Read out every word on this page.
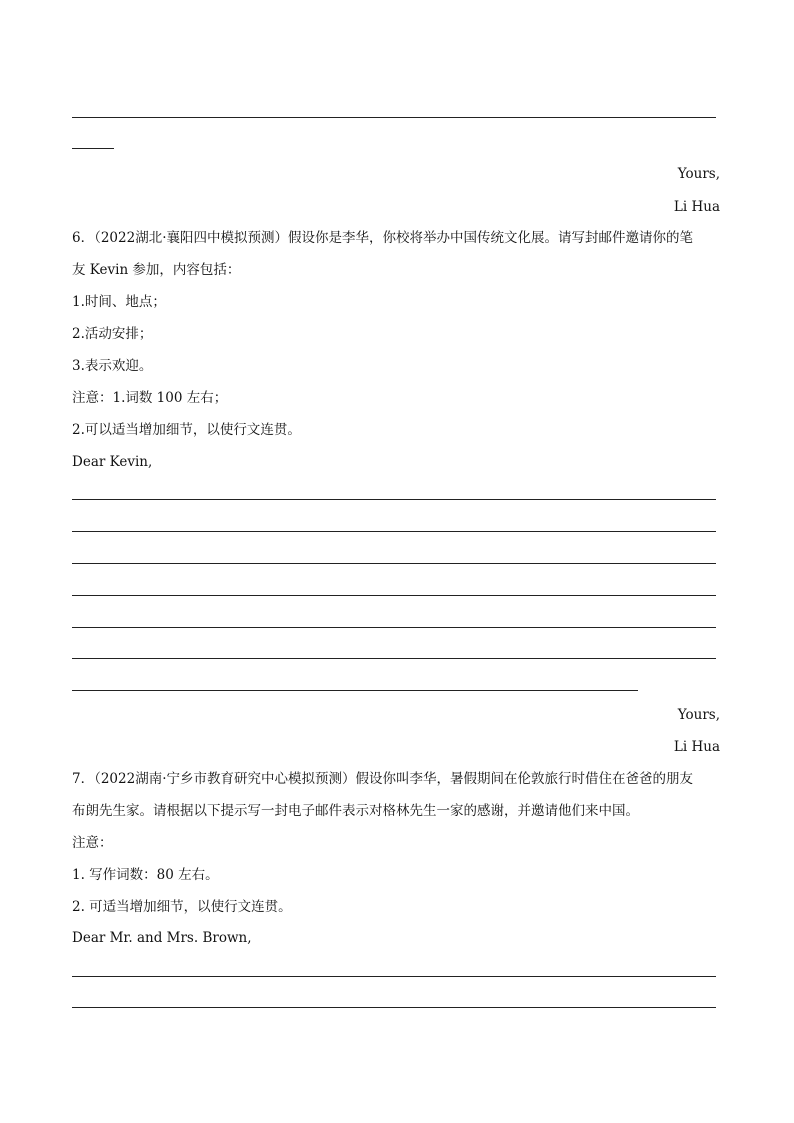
Yours,
Li Hua
6．（2022湖北·襄阳四中模拟预测）假设你是李华，你校将举办中国传统文化展。请写封邮件邀请你的笔
友 Kevin 参加，内容包括：
1.时间、地点；
2.活动安排；
3.表示欢迎。
注意：1.词数 100 左右；
2.可以适当增加细节，以使行文连贯。
Dear Kevin,
Yours,
Li Hua
7．（2022湖南·宁乡市教育研究中心模拟预测）假设你叫李华，暑假期间在伦敦旅行时借住在爸爸的朋友
布朗先生家。请根据以下提示写一封电子邮件表示对格林先生一家的感谢，并邀请他们来中国。
注意：
1. 写作词数：80 左右。
2. 可适当增加细节，以使行文连贯。
Dear Mr. and Mrs. Brown,
